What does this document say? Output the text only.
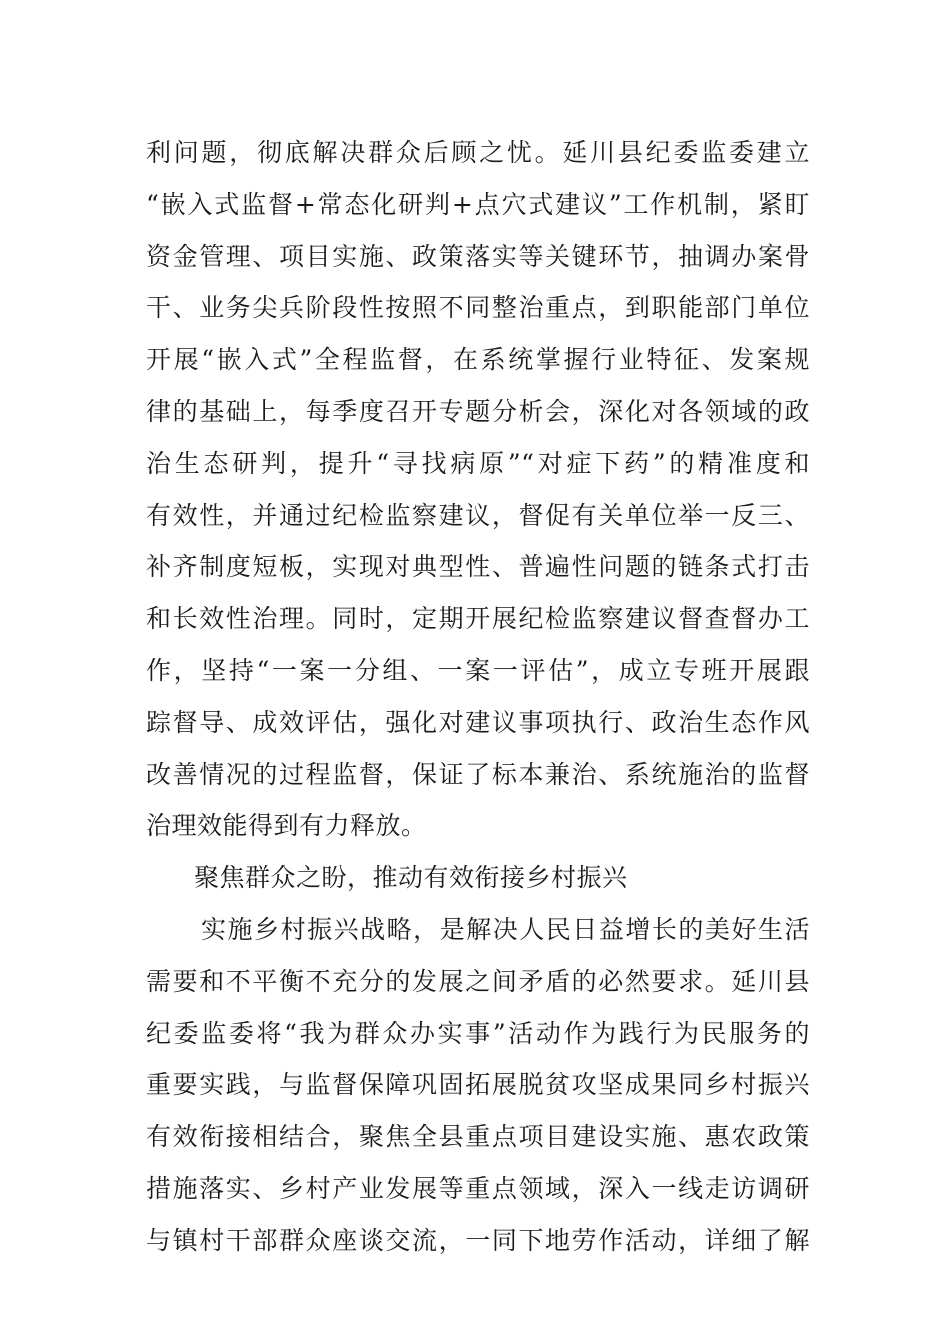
利问题，彻底解决群众后顾之忧。延川县纪委监委建立
“嵌入式监督+常态化研判+点穴式建议”工作机制，紧盯
资金管理、项目实施、政策落实等关键环节，抽调办案骨
干、业务尖兵阶段性按照不同整治重点，到职能部门单位
开展“嵌入式”全程监督，在系统掌握行业特征、发案规
律的基础上，每季度召开专题分析会，深化对各领域的政
治生态研判，提升“寻找病原”“对症下药”的精准度和
有效性，并通过纪检监察建议，督促有关单位举一反三、
补齐制度短板，实现对典型性、普遍性问题的链条式打击
和长效性治理。同时，定期开展纪检监察建议督查督办工
作，坚持“一案一分组、一案一评估”，成立专班开展跟
踪督导、成效评估，强化对建议事项执行、政治生态作风
改善情况的过程监督，保证了标本兼治、系统施治的监督
治理效能得到有力释放。
聚焦群众之盼，推动有效衔接乡村振兴
实施乡村振兴战略，是解决人民日益增长的美好生活
需要和不平衡不充分的发展之间矛盾的必然要求。延川县
纪委监委将“我为群众办实事”活动作为践行为民服务的
重要实践，与监督保障巩固拓展脱贫攻坚成果同乡村振兴
有效衔接相结合，聚焦全县重点项目建设实施、惠农政策
措施落实、乡村产业发展等重点领域，深入一线走访调研
与镇村干部群众座谈交流，一同下地劳作活动，详细了解
